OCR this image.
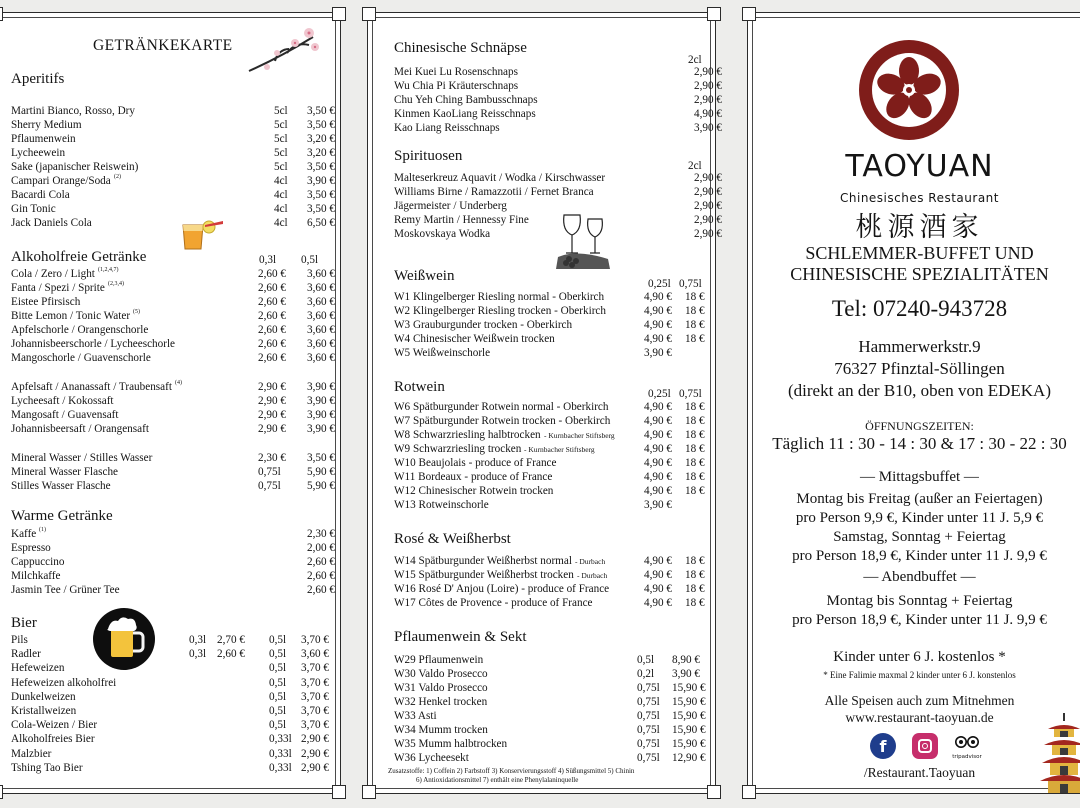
GETRÄNKEKARTE
Aperitifs
Martini Bianco, Rosso, Dry	5cl 3,50 €
Sherry Medium	5cl 3,50 €
Pflaumenwein	5cl 3,20 €
Lycheewein	5cl 3,20 €
Sake (japanischer Reiswein)	5cl 3,50 €
Campari Orange/Soda (2)	4cl 3,90 €
Bacardi Cola	4cl 3,50 €
Gin Tonic	4cl 3,50 €
Jack Daniels Cola	4cl 6,50 €
Alkoholfreie Getränke	0,3l 0,5l
Cola / Zero / Light (1,2,4,7)	2,60 € 3,60 €
Fanta / Spezi / Sprite (2,3,4)	2,60 € 3,60 €
Eistee Pfirsisch	2,60 € 3,60 €
Bitte Lemon / Tonic Water (5)	2,60 € 3,60 €
Apfelschorle / Orangenschorle	2,60 € 3,60 €
Johannisbeerschorle / Lycheeschorle	2,60 € 3,60 €
Mangoschorle / Guavenschorle	2,60 € 3,60 €
Apfelsaft / Ananassaft / Traubensaft (4)	2,90 € 3,90 €
Lycheesaft / Kokossaft	2,90 € 3,90 €
Mangosaft / Guavensaft	2,90 € 3,90 €
Johannisbeersaft / Orangensaft	2,90 € 3,90 €
Mineral Wasser / Stilles Wasser	2,30 € 3,50 €
Mineral Wasser Flasche	0,75l 5,90 €
Stilles Wasser Flasche	0,75l 5,90 €
Warme Getränke
Kaffe (1)	2,30 €
Espresso	2,00 €
Cappuccino	2,60 €
Milchkaffe	2,60 €
Jasmin Tee / Grüner Tee	2,60 €
Bier
Pils	0,3l 2,70 € 0,5l 3,70 €
Radler	0,3l 2,60 € 0,5l 3,60 €
Hefeweizen	0,5l 3,70 €
Hefeweizen alkoholfrei	0,5l 3,70 €
Dunkelweizen	0,5l 3,70 €
Kristallweizen	0,5l 3,70 €
Cola-Weizen / Bier	0,5l 3,70 €
Alkoholfreies Bier	0,33l 2,90 €
Malzbier	0,33l 2,90 €
Tshing Tao Bier	0,33l 2,90 €
Chinesische Schnäpse
2cl
Mei Kuei Lu Rosenschnaps	2,90 €
Wu Chia Pi Kräuterschnaps	2,90 €
Chu Yeh Ching Bambusschnaps	2,90 €
Kinmen KaoLiang Reisschnaps	4,90 €
Kao Liang Reisschnaps	3,90 €
Spirituosen
2cl
Malteserkreuz Aquavit / Wodka / Kirschwasser	2,90 €
Williams Birne / Ramazzotii / Fernet Branca	2,90 €
Jägermeister / Underberg	2,90 €
Remy Martin / Hennessy Fine	2,90 €
Moskovskaya Wodka	2,90 €
Weißwein	0,25l 0,75l
W1 Klingelberger Riesling normal - Oberkirch	4,90 € 18 €
W2 Klingelberger Riesling trocken - Oberkirch	4,90 € 18 €
W3 Grauburgunder trocken - Oberkirch	4,90 € 18 €
W4 Chinesischer Weißwein trocken	4,90 € 18 €
W5 Weißweinschorle	3,90 €
Rotwein	0,25l 0,75l
W6 Spätburgunder Rotwein normal - Oberkirch	4,90 € 18 €
W7 Spätburgunder Rotwein trocken - Oberkirch	4,90 € 18 €
W8 Schwarzriesling halbtrocken - Kurnbacher Stiftsberg	4,90 € 18 €
W9 Schwarzriesling trocken - Kurnbacher Stiftsberg	4,90 € 18 €
W10 Beaujolais - produce of France	4,90 € 18 €
W11 Bordeaux - produce of France	4,90 € 18 €
W12 Chinesischer Rotwein trocken	4,90 € 18 €
W13 Rotweinschorle	3,90 €
Rosé & Weißherbst
W14 Spätburgunder Weißherbst normal - Durbach	4,90 € 18 €
W15 Spätburgunder Weißherbst trocken - Durbach	4,90 € 18 €
W16 Rosé D' Anjou (Loire) - produce of France	4,90 € 18 €
W17 Côtes de Provence - produce of France	4,90 € 18 €
Pflaumenwein & Sekt
W29 Pflaumenwein	0,5l 8,90 €
W30 Valdo Prosecco	0,2l 3,90 €
W31 Valdo Prosecco	0,75l 15,90 €
W32 Henkel trocken	0,75l 15,90 €
W33 Asti	0,75l 15,90 €
W34 Mumm trocken	0,75l 15,90 €
W35 Mumm halbtrocken	0,75l 15,90 €
W36 Lycheesekt	0,75l 12,90 €
Zusatzstoffe: 1) Coffein 2) Farbstoff 3) Konservierungsstoff 4) Süßungsmittel 5) Chinin
6) Antioxidationsmittel 7) enthält eine Phenylalaninquelle
TAOYUAN
Chinesisches Restaurant
桃源酒家
SCHLEMMER-BUFFET UND
CHINESISCHE SPEZIALITÄTEN
Tel: 07240-943728
Hammerwerkstr.9
76327 Pfinztal-Söllingen
(direkt an der B10, oben von EDEKA)
ÖFFNUNGSZEITEN:
Täglich 11 : 30 - 14 : 30 & 17 : 30 - 22 : 30
— Mittagsbuffet —
Montag bis Freitag (außer an Feiertagen)
pro Person 9,9 €, Kinder unter 11 J. 5,9 €
Samstag, Sonntag + Feiertag
pro Person 18,9 €, Kinder unter 11 J. 9,9 €
— Abendbuffet —
Montag bis Sonntag + Feiertag
pro Person 18,9 €, Kinder unter 11 J. 9,9 €
Kinder unter 6 J. kostenlos *
* Eine Falimie maxmal 2 kinder unter 6 J. konstenlos
Alle Speisen auch zum Mitnehmen
www.restaurant-taoyuan.de
f
tripadvisor
/Restaurant.Taoyuan
